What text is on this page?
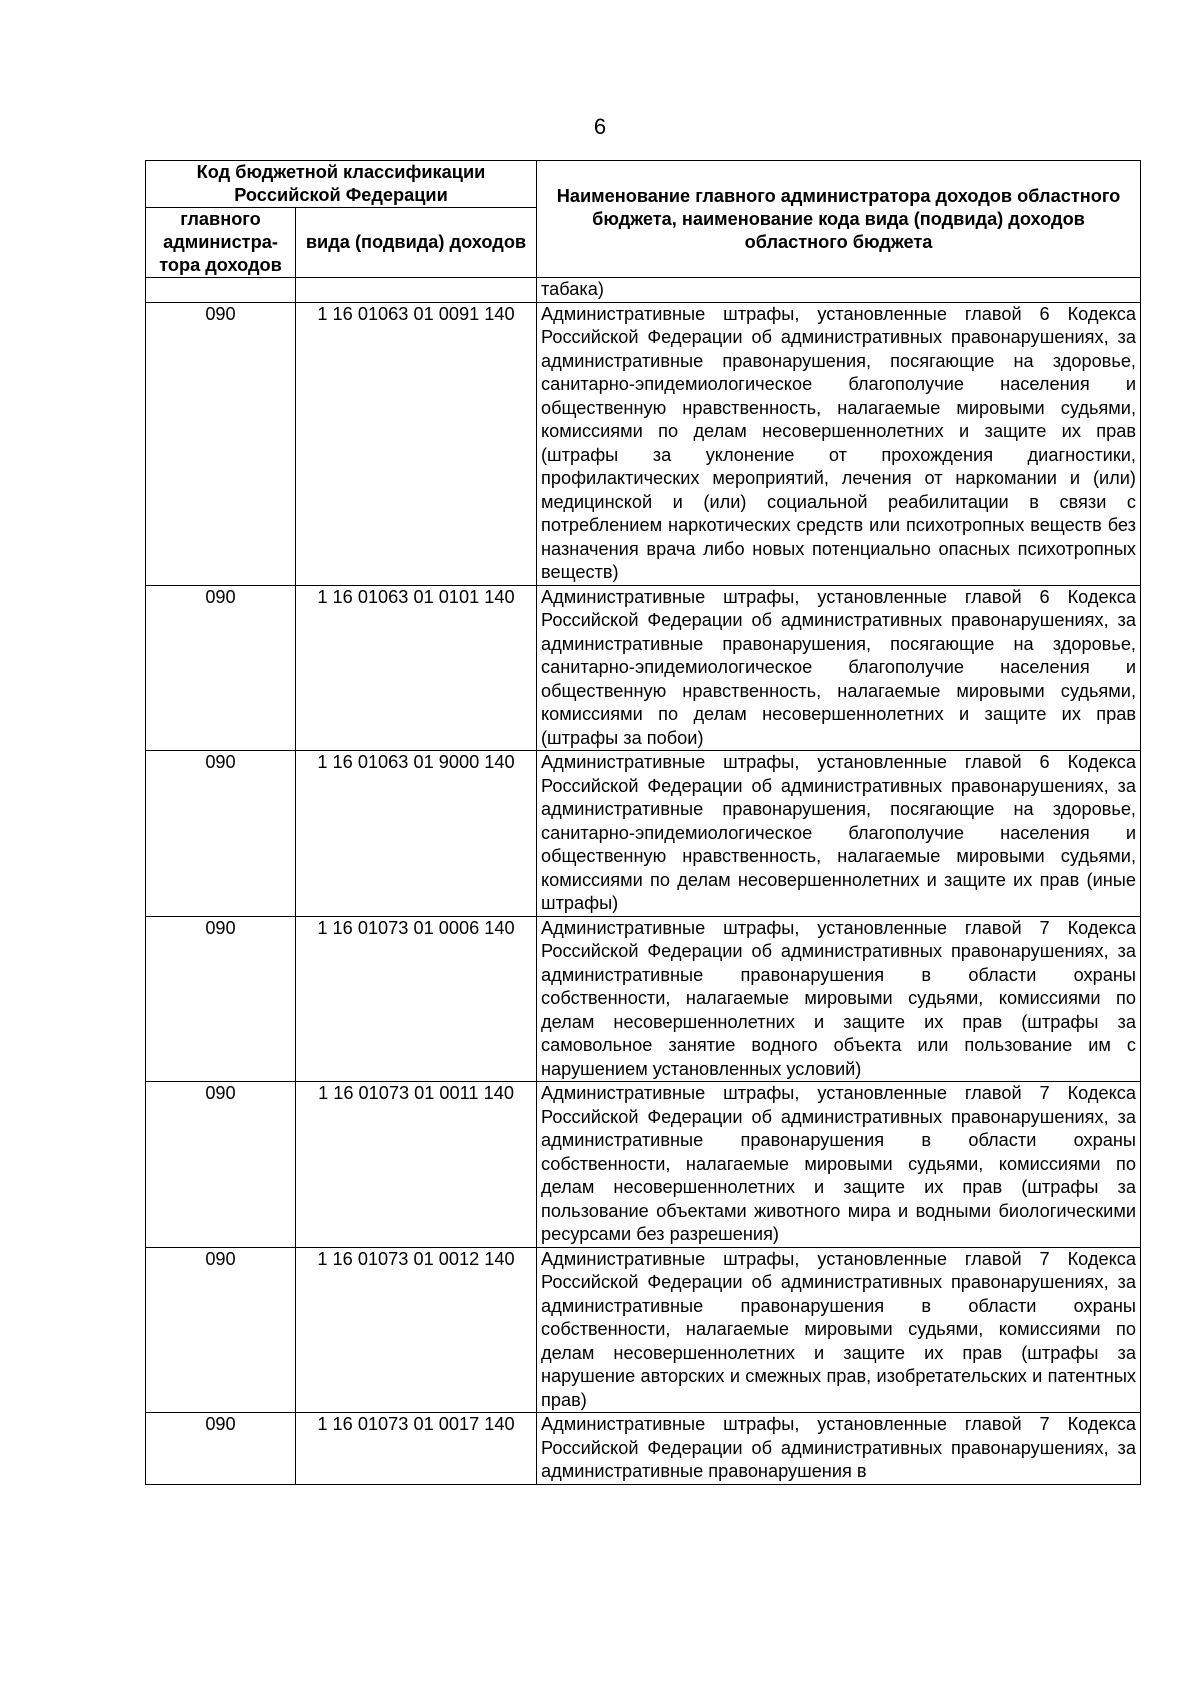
6
Код бюджетной классификации Российской Федерации		Наименование главного администратора доходов областного бюджета, наименование кода вида (подвида) доходов областного бюджета
главного администра-тора доходов	вида (подвида) доходов	
		табака)
090	1 16 01063 01 0091 140	Административные штрафы, установленные главой 6 Кодекса Российской Федерации об административных правонарушениях, за административные правонарушения, посягающие на здоровье, санитарно-эпидемиологическое благополучие населения и общественную нравственность, налагаемые мировыми судьями, комиссиями по делам несовершеннолетних и защите их прав (штрафы за уклонение от прохождения диагностики, профилактических мероприятий, лечения от наркомании и (или) медицинской и (или) социальной реабилитации в связи с потреблением наркотических средств или психотропных веществ без назначения врача либо новых потенциально опасных психотропных веществ)
090	1 16 01063 01 0101 140	Административные штрафы, установленные главой 6 Кодекса Российской Федерации об административных правонарушениях, за административные правонарушения, посягающие на здоровье, санитарно-эпидемиологическое благополучие населения и общественную нравственность, налагаемые мировыми судьями, комиссиями по делам несовершеннолетних и защите их прав (штрафы за побои)
090	1 16 01063 01 9000 140	Административные штрафы, установленные главой 6 Кодекса Российской Федерации об административных правонарушениях, за административные правонарушения, посягающие на здоровье, санитарно-эпидемиологическое благополучие населения и общественную нравственность, налагаемые мировыми судьями, комиссиями по делам несовершеннолетних и защите их прав (иные штрафы)
090	1 16 01073 01 0006 140	Административные штрафы, установленные главой 7 Кодекса Российской Федерации об административных правонарушениях, за административные правонарушения в области охраны собственности, налагаемые мировыми судьями, комиссиями по делам несовершеннолетних и защите их прав (штрафы за самовольное занятие водного объекта или пользование им с нарушением установленных условий)
090	1 16 01073 01 0011 140	Административные штрафы, установленные главой 7 Кодекса Российской Федерации об административных правонарушениях, за административные правонарушения в области охраны собственности, налагаемые мировыми судьями, комиссиями по делам несовершеннолетних и защите их прав (штрафы за пользование объектами животного мира и водными биологическими ресурсами без разрешения)
090	1 16 01073 01 0012 140	Административные штрафы, установленные главой 7 Кодекса Российской Федерации об административных правонарушениях, за административные правонарушения в области охраны собственности, налагаемые мировыми судьями, комиссиями по делам несовершеннолетних и защите их прав (штрафы за нарушение авторских и смежных прав, изобретательских и патентных прав)
090	1 16 01073 01 0017 140	Административные штрафы, установленные главой 7 Кодекса Российской Федерации об административных правонарушениях, за административные правонарушения в
